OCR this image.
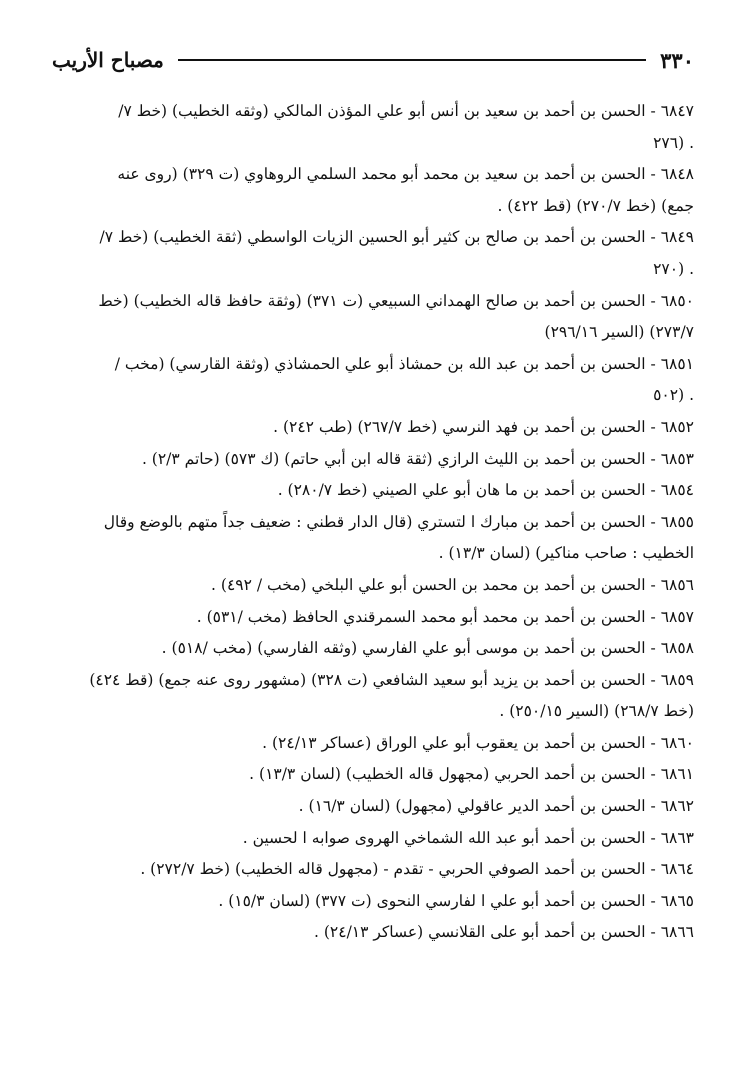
٣٣٠
مصباح الأريب
٦٨٤٧ - الحسن بن أحمد بن سعيد بن أنس أبو علي المؤذن المالكي (وثقه الخطيب) (خط ٧/
٢٧٦) .
٦٨٤٨ - الحسن بن أحمد بن سعيد بن محمد أبو محمد السلمي الروهاوي (ت ٣٢٩) (روى عنه
جمع) (خط ٢٧٠/٧) (قط ٤٢٢) .
٦٨٤٩ - الحسن بن أحمد بن صالح بن كثير أبو الحسين الزيات الواسطي (ثقة الخطيب) (خط ٧/
٢٧٠) .
٦٨٥٠ - الحسن بن أحمد بن صالح الهمداني السبيعي (ت ٣٧١) (وثقة حافظ قاله الخطيب) (خط
٢٧٣/٧) (السير ٢٩٦/١٦)
٦٨٥١ - الحسن بن أحمد بن عبد الله بن حمشاذ أبو علي الحمشاذي (وثقة القارسي) (مخب /
٥٠٢) .
٦٨٥٢ - الحسن بن أحمد بن فهد النرسي (خط ٢٦٧/٧) (طب ٢٤٢) .
٦٨٥٣ - الحسن بن أحمد بن الليث الرازي (ثقة قاله ابن أبي حاتم) (ك ٥٧٣) (حاتم ٢/٣) .
٦٨٥٤ - الحسن بن أحمد بن ما هان أبو علي الصيني (خط ٢٨٠/٧) .
٦٨٥٥ - الحسن بن أحمد بن مبارك ا لتستري (قال الدار قطني : ضعيف جداً متهم بالوضع وقال
الخطيب : صاحب مناكير) (لسان ١٣/٣) .
٦٨٥٦ - الحسن بن أحمد بن محمد بن الحسن أبو علي البلخي (مخب / ٤٩٢) .
٦٨٥٧ - الحسن بن أحمد بن محمد أبو محمد السمرقندي الحافظ (مخب /٥٣١) .
٦٨٥٨ - الحسن بن أحمد بن موسى أبو علي الفارسي (وثقه الفارسي) (مخب /٥١٨) .
٦٨٥٩ - الحسن بن أحمد بن يزيد أبو سعيد الشافعي (ت ٣٢٨) (مشهور روى عنه جمع) (قط ٤٢٤)
(خط ٢٦٨/٧) (السير ٢٥٠/١٥) .
٦٨٦٠ - الحسن بن أحمد بن يعقوب أبو علي الوراق (عساكر ٢٤/١٣) .
٦٨٦١ - الحسن بن أحمد الحربي (مجهول قاله الخطيب) (لسان ١٣/٣) .
٦٨٦٢ - الحسن بن أحمد الدير عاقولي (مجهول) (لسان ١٦/٣) .
٦٨٦٣ - الحسن بن أحمد أبو عبد الله الشماخي الهروى صوابه ا لحسين .
٦٨٦٤ - الحسن بن أحمد الصوفي الحربي - تقدم - (مجهول قاله الخطيب) (خط ٢٧٢/٧) .
٦٨٦٥ - الحسن بن أحمد أبو علي ا لفارسي النحوى (ت ٣٧٧) (لسان ١٥/٣) .
٦٨٦٦ - الحسن بن أحمد أبو على القلانسي (عساكر ٢٤/١٣) .
